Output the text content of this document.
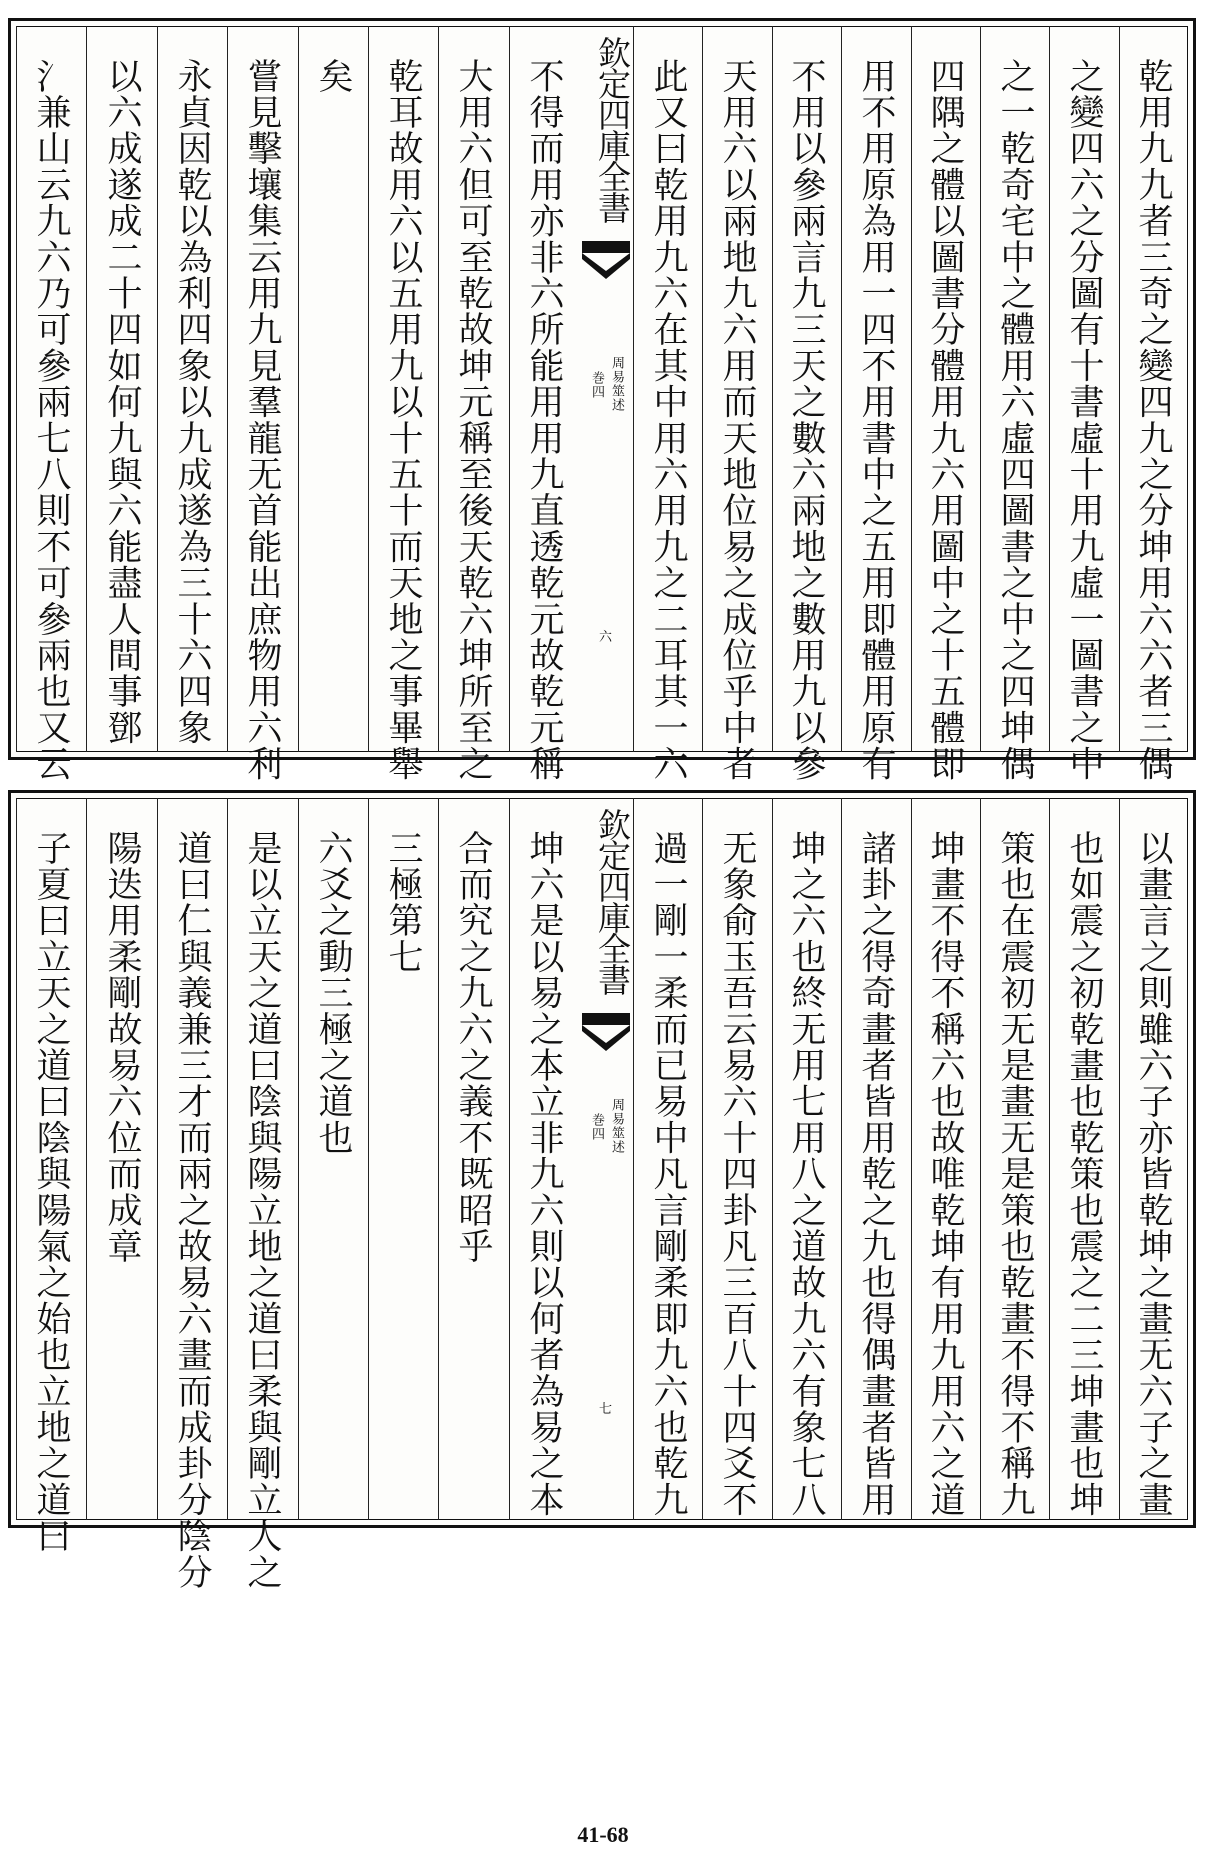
乾用九九者三奇之變四九之分坤用六六者三偶
之變四六之分圖有十書虛十用九虛一圖書之中
之一乾奇宅中之體用六虛四圖書之中之四坤偶
四隅之體以圖書分體用九六用圖中之十五體即
用不用原為用一四不用書中之五用即體用原有
不用以參兩言九三天之數六兩地之數用九以參
天用六以兩地九六用而天地位易之成位乎中者
此又曰乾用九六在其中用六用九之二耳其一六
不得而用亦非六所能用用九直透乾元故乾元稱
大用六但可至乾故坤元稱至後天乾六坤所至之
乾耳故用六以五用九以十五十而天地之事畢舉
矣
嘗見擊壤集云用九見羣龍无首能出庶物用六利
永貞因乾以為利四象以九成遂為三十六四象
以六成遂成二十四如何九與六能盡人間事鄧
氵兼山云九六乃可參兩七八則不可參兩也又云	欽定四庫全書
周易筮述
巻四
六
以畫言之則雖六子亦皆乾坤之畫无六子之畫
也如震之初乾畫也乾策也震之二三坤畫也坤
策也在震初无是畫无是策也乾畫不得不稱九
坤畫不得不稱六也故唯乾坤有用九用六之道
諸卦之得奇畫者皆用乾之九也得偶畫者皆用
坤之六也終无用七用八之道故九六有象七八
无象俞玉吾云易六十四卦凡三百八十四爻不
過一剛一柔而已易中凡言剛柔即九六也乾九
坤六是以易之本立非九六則以何者為易之本
合而究之九六之義不既昭乎
三極第七
六爻之動三極之道也
是以立天之道曰陰與陽立地之道曰柔與剛立人之
道曰仁與義兼三才而兩之故易六畫而成卦分陰分
陽迭用柔剛故易六位而成章
子夏曰立天之道曰陰與陽氣之始也立地之道曰	欽定四庫全書
周易筮述
巻四
七
41-68
